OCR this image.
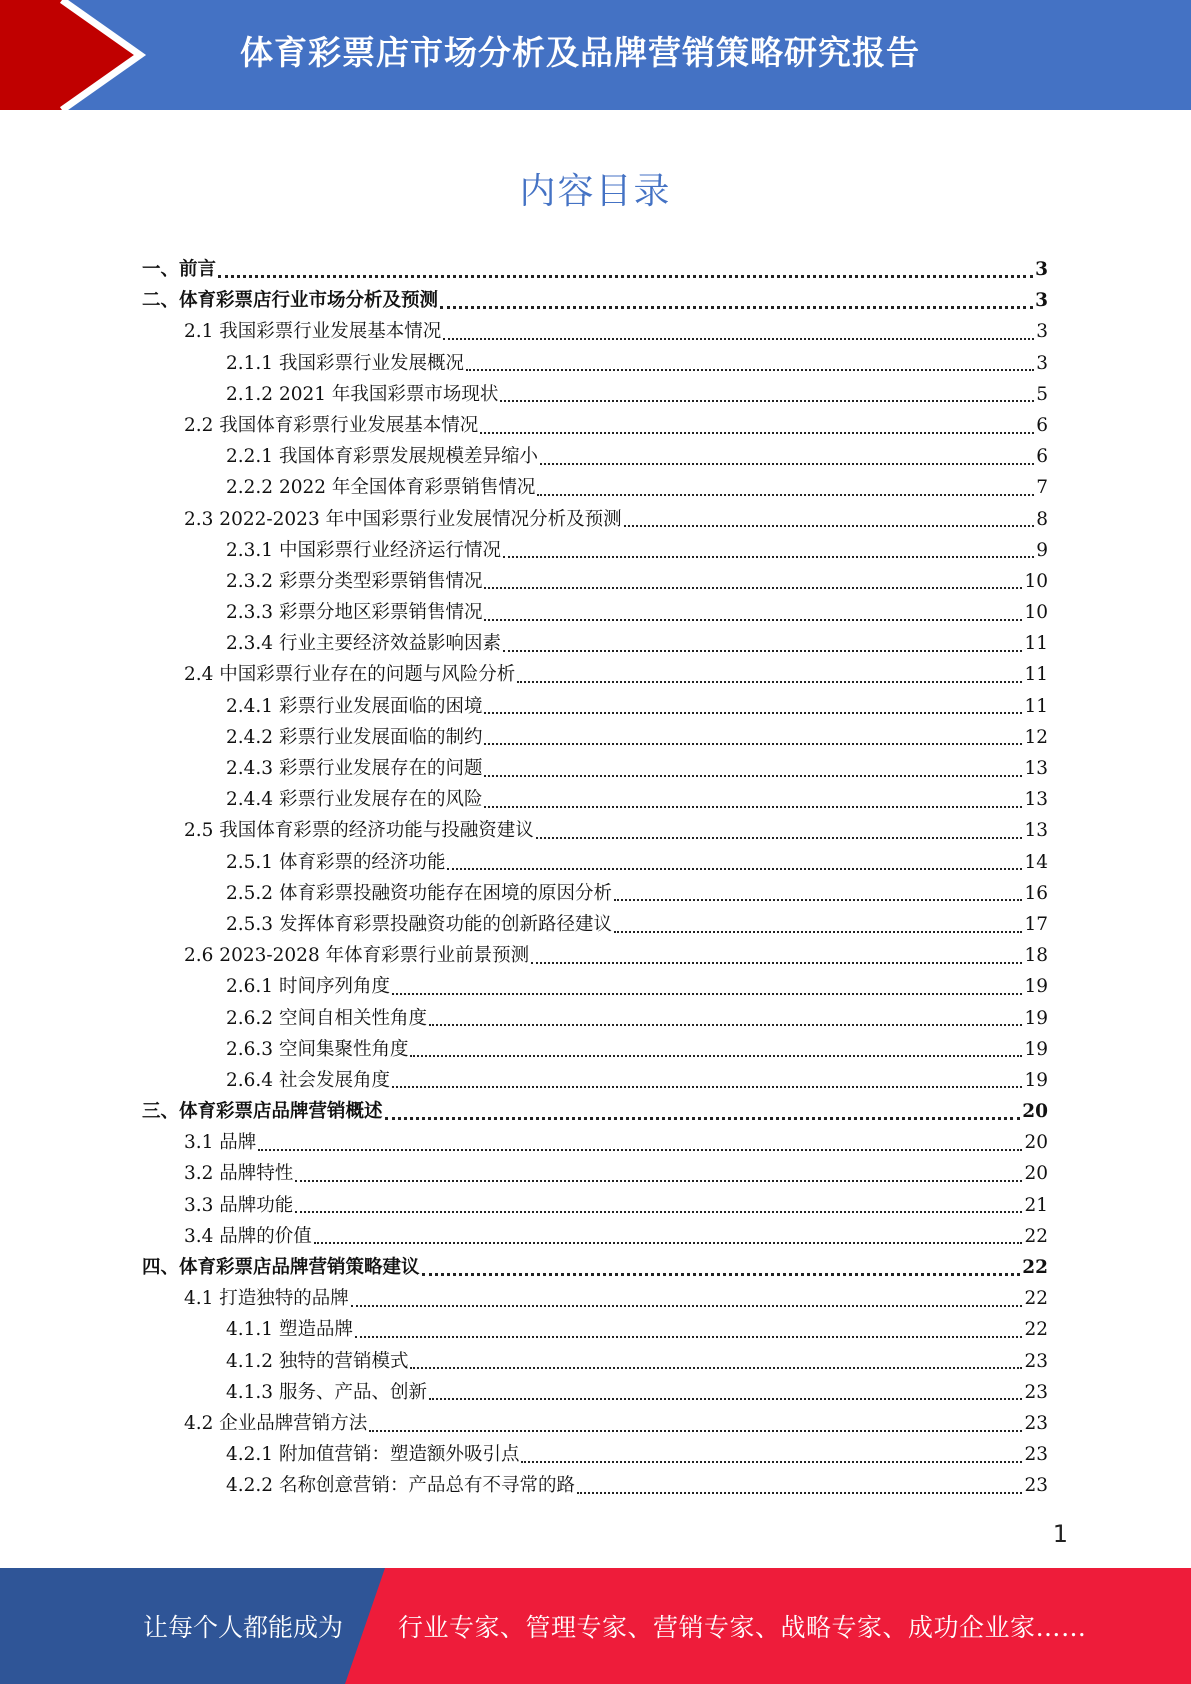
体育彩票店市场分析及品牌营销策略研究报告
内容目录
一、前言	3
二、体育彩票店行业市场分析及预测	3
2.1 我国彩票行业发展基本情况	3
2.1.1 我国彩票行业发展概况	3
2.1.2 2021 年我国彩票市场现状	5
2.2 我国体育彩票行业发展基本情况	6
2.2.1 我国体育彩票发展规模差异缩小	6
2.2.2 2022 年全国体育彩票销售情况	7
2.3 2022-2023 年中国彩票行业发展情况分析及预测	8
2.3.1 中国彩票行业经济运行情况	9
2.3.2 彩票分类型彩票销售情况	10
2.3.3 彩票分地区彩票销售情况	10
2.3.4 行业主要经济效益影响因素	11
2.4 中国彩票行业存在的问题与风险分析	11
2.4.1 彩票行业发展面临的困境	11
2.4.2 彩票行业发展面临的制约	12
2.4.3 彩票行业发展存在的问题	13
2.4.4 彩票行业发展存在的风险	13
2.5 我国体育彩票的经济功能与投融资建议	13
2.5.1 体育彩票的经济功能	14
2.5.2 体育彩票投融资功能存在困境的原因分析	16
2.5.3 发挥体育彩票投融资功能的创新路径建议	17
2.6 2023-2028 年体育彩票行业前景预测	18
2.6.1 时间序列角度	19
2.6.2 空间自相关性角度	19
2.6.3 空间集聚性角度	19
2.6.4 社会发展角度	19
三、体育彩票店品牌营销概述	20
3.1 品牌	20
3.2 品牌特性	20
3.3 品牌功能	21
3.4 品牌的价值	22
四、体育彩票店品牌营销策略建议	22
4.1 打造独特的品牌	22
4.1.1 塑造品牌	22
4.1.2 独特的营销模式	23
4.1.3 服务、产品、创新	23
4.2 企业品牌营销方法	23
4.2.1 附加值营销：塑造额外吸引点	23
4.2.2 名称创意营销：产品总有不寻常的路	23
1
让每个人都能成为 行业专家、管理专家、营销专家、战略专家、成功企业家……
